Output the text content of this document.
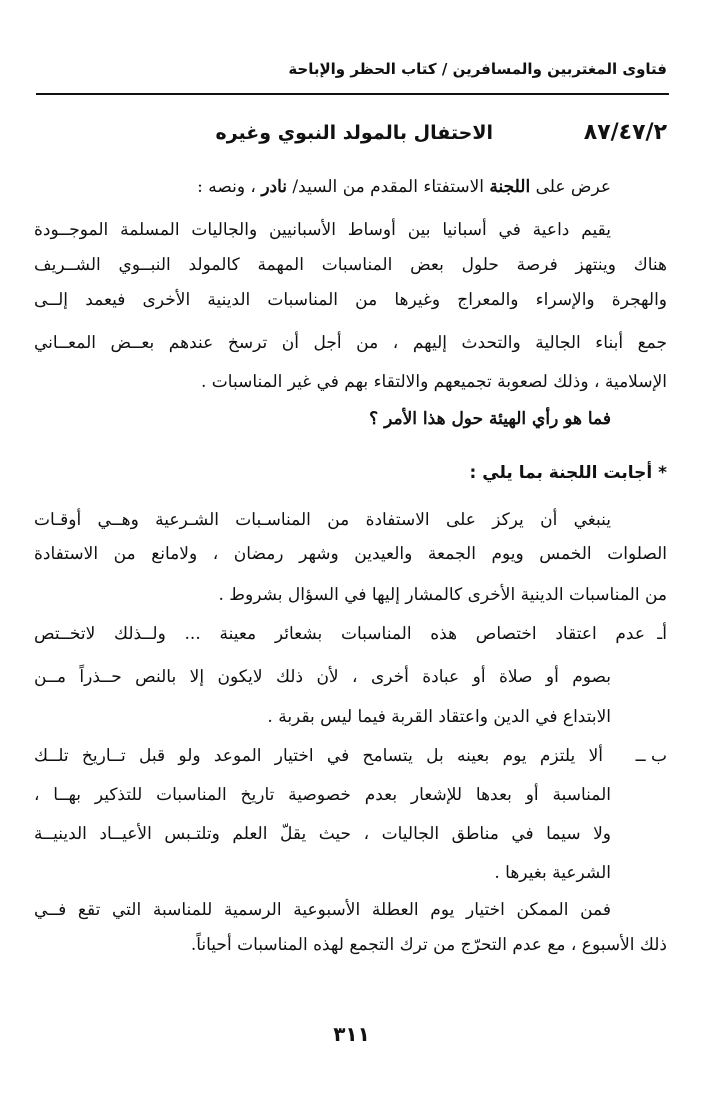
فتاوى المغتربين والمسافرين / كتاب الحظر والإباحة
٨٧/٤٧/٢
الاحتفال بالمولد النبوي وغيره
عرض على اللجنة الاستفتاء المقدم من السيد/ نادر ، ونصه :
يقيم داعية في أسبانيا بين أوساط الأسبانيين والجاليات المسلمة الموجــودة
هناك وينتهز فرصة حلول بعض المناسبات المهمة كالمولد النبــوي الشــريف
والهجرة والإسراء والمعراج وغيرها من المناسبات الدينية الأخرى فيعمد إلــى
جمع أبناء الجالية والتحدث إليهم ، من أجل أن ترسخ عندهم بعــض المعــاني
الإسلامية ، وذلك لصعوبة تجميعهم والالتقاء بهم في غير المناسبات .
فما هو رأي الهيئة حول هذا الأمر ؟
* أجابت اللجنة بما يلي :
ينبغي أن يركز على الاستفادة من المناسـبات الشـرعية وهــي أوقـات
الصلوات الخمس ويوم الجمعة والعيدين وشهر رمضان ، ولامانع من الاستفادة
من المناسبات الدينية الأخرى كالمشار إليها في السؤال بشروط .
أـ
عدم اعتقاد اختصاص هذه المناسبات بشعائر معينة ... ولــذلك لاتخــتص
بصوم أو صلاة أو عبادة أخرى ، لأن ذلك لايكون إلا بالنص حــذراً مــن
الابتداع في الدين واعتقاد القربة فيما ليس بقربة .
ب ــ
ألا يلتزم يوم بعينه بل يتسامح في اختيار الموعد ولو قبل تــاريخ تلــك
المناسبة أو بعدها للإشعار بعدم خصوصية تاريخ المناسبات للتذكير بهــا ،
ولا سيما في مناطق الجاليات ، حيث يقلّ العلم وتلتـبس الأعيــاد الدينيــة
الشرعية بغيرها .
فمن الممكن اختيار يوم العطلة الأسبوعية الرسمية للمناسبة التي تقع فــي
ذلك الأسبوع ، مع عدم التحرّج من ترك التجمع لهذه المناسبات أحياناً.
٣١١
